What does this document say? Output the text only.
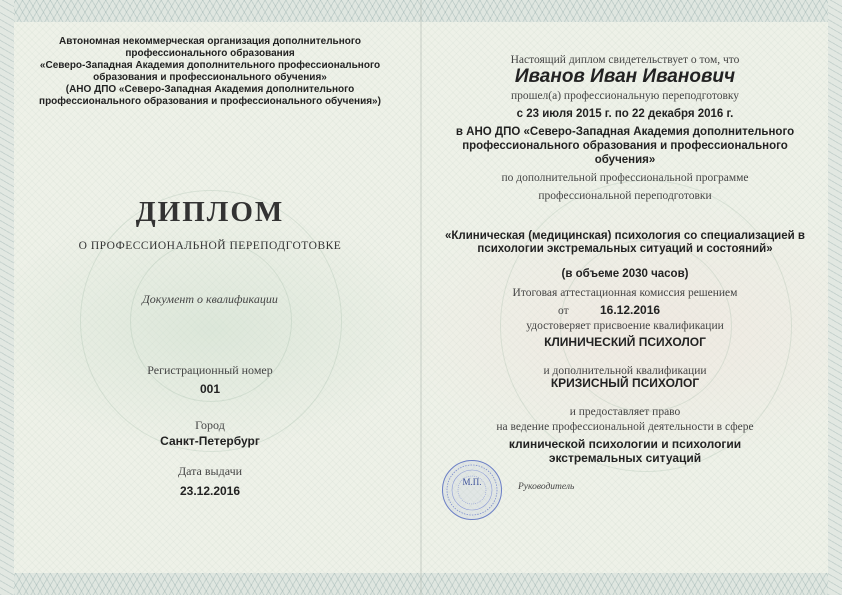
Автономная некоммерческая организация дополнительного
профессионального образования
«Северо-Западная Академия дополнительного профессионального
образования и профессионального обучения»
(АНО ДПО «Северо-Западная Академия дополнительного
профессионального образования и профессионального обучения»)
ДИПЛОМ
О ПРОФЕССИОНАЛЬНОЙ ПЕРЕПОДГОТОВКЕ
Документ о квалификации
Регистрационный номер
001
Город
Санкт-Петербург
Дата выдачи
23.12.2016
Настоящий диплом свидетельствует о том, что
Иванов Иван Иванович
прошел(а) профессиональную переподготовку
с 23 июля 2015 г. по 22 декабря 2016 г.
в АНО ДПО «Северо-Западная Академия дополнительного
профессионального образования и профессионального
обучения»
по дополнительной профессиональной программе
профессиональной переподготовки
«Клиническая (медицинская) психология со специализацией в
психологии экстремальных ситуаций и состояний»
(в объеме 2030 часов)
Итоговая аттестационная комиссия решением
от	16.12.2016
удостоверяет присвоение квалификации
КЛИНИЧЕСКИЙ ПСИХОЛОГ
и дополнительной квалификации
КРИЗИСНЫЙ ПСИХОЛОГ
и предоставляет право
на ведение профессиональной деятельности в сфере
клинической психологии и психологии
экстремальных ситуаций
М.П.	Руководитель
